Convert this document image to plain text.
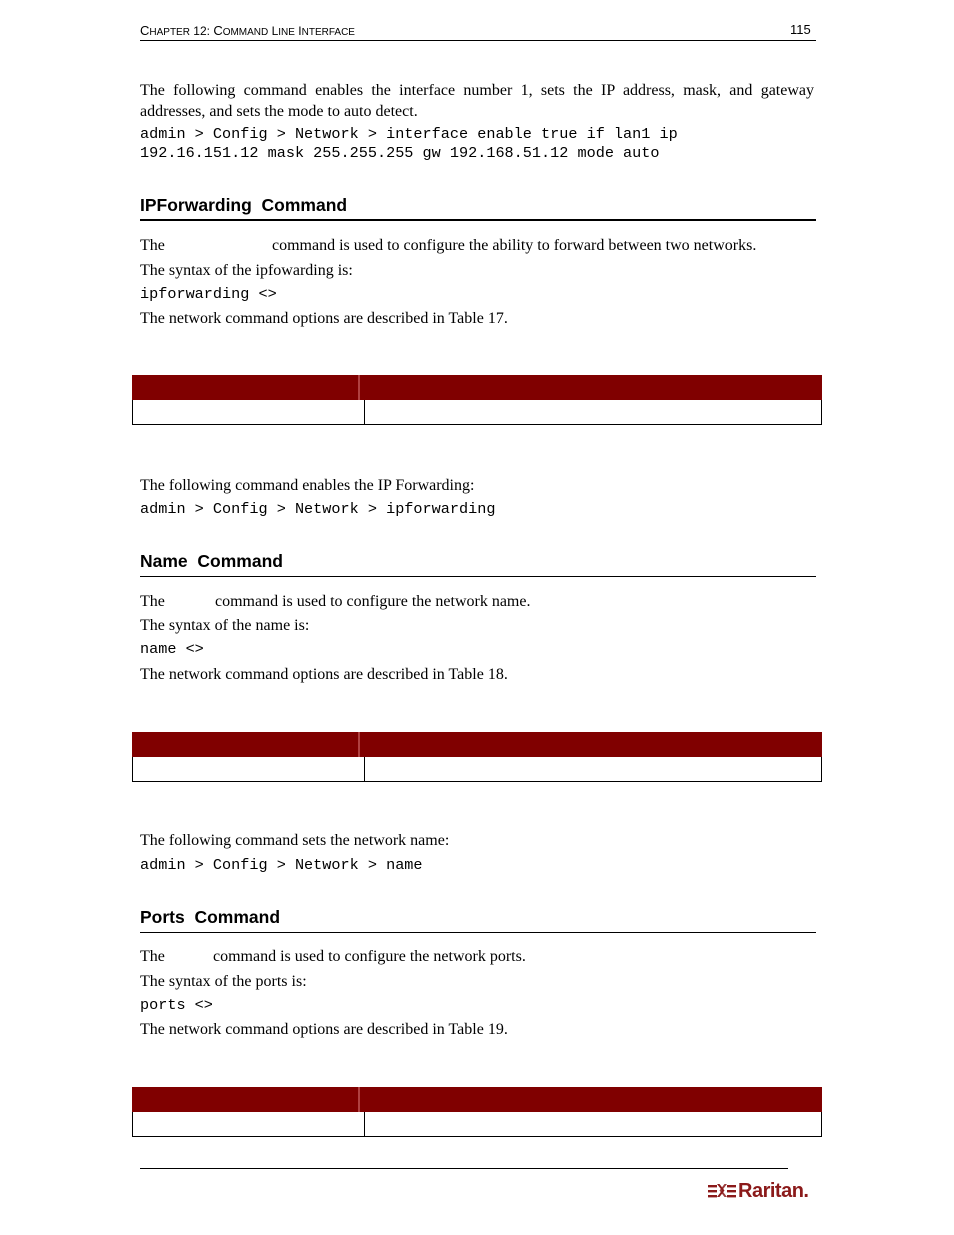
CHAPTER 12: COMMAND LINE INTERFACE	115
The following command enables the interface number 1, sets the IP address, mask, and gateway addresses, and sets the mode to auto detect.
admin > Config > Network > interface enable true if lan1 ip
192.16.151.12 mask 255.255.255 gw 192.168.51.12 mode auto
IPForwarding  Command
The	command is used to configure the ability to forward between two networks.
The syntax of the ipfowarding is:
ipforwarding <>
The network command options are described in Table 17.
The following command enables the IP Forwarding:
admin > Config > Network > ipforwarding
Name  Command
The	command is used to configure the network name.
The syntax of the name is:
name <>
The network command options are described in Table 18.
The following command sets the network name:
admin > Config > Network > name
Ports  Command
The	command is used to configure the network ports.
The syntax of the ports is:
ports <>
The network command options are described in Table 19.
Raritan.
